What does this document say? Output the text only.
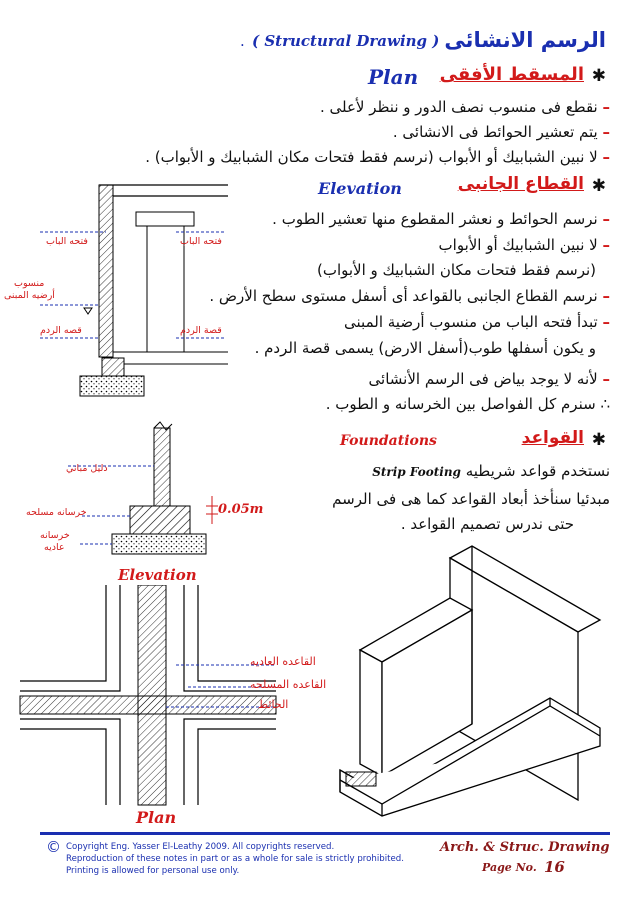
الرسم الانشائى
( Structural Drawing )
.
✱
المسقط الأفقى
Plan
– نقطع فى منسوب نصف الدور و ننظر لأعلى .
– يتم تعشير الحوائط فى الانشائى .
– لا نبين الشبابيك أو الأبواب (نرسم فقط فتحات مكان الشبابيك و الأبواب) .
✱
القطاع الجانبى
Elevation
– نرسم الحوائط و نعشر المقطوع منها تعشير الطوب .
– لا نبين الشبابيك أو الأبواب
(نرسم فقط فتحات مكان الشبابيك و الأبواب)
– نرسم القطاع الجانبى بالقواعد أى أسفل مستوى سطح الأرض .
– تبدأ فتحه الباب من منسوب أرضية المبنى
و يكون أسفلها طوب(أسفل الارض) يسمى قصة الردم .
– لأنه لا يوجد بياض فى الرسم الأنشائى
∴ سنرم كل الفواصل بين الخرسانه و الطوب .
فتحه الباب	فتحه الباب
منسوب
أرضيه المبنى
قصه الردم	قصة الردم
✱
القواعد
Foundations
نستخدم قواعد شريطيه Strip Footing
مبدئيا سنأخذ أبعاد القواعد كما هى فى الرسم
حتى ندرس تصميم القواعد .
دليل مباني
خرسانه مسلحه
خرسانه
عاديه
0.05m
Elevation
القاعده العاديه
القاعده المسلحه
الحائط
Plan
© Copyright Eng. Yasser El-Leathy 2009. All copyrights reserved.
Reproduction of these notes in part or as a whole for sale is strictly prohibited.
Printing is allowed for personal use only.
Arch. & Struc. Drawing
Page No. 16
